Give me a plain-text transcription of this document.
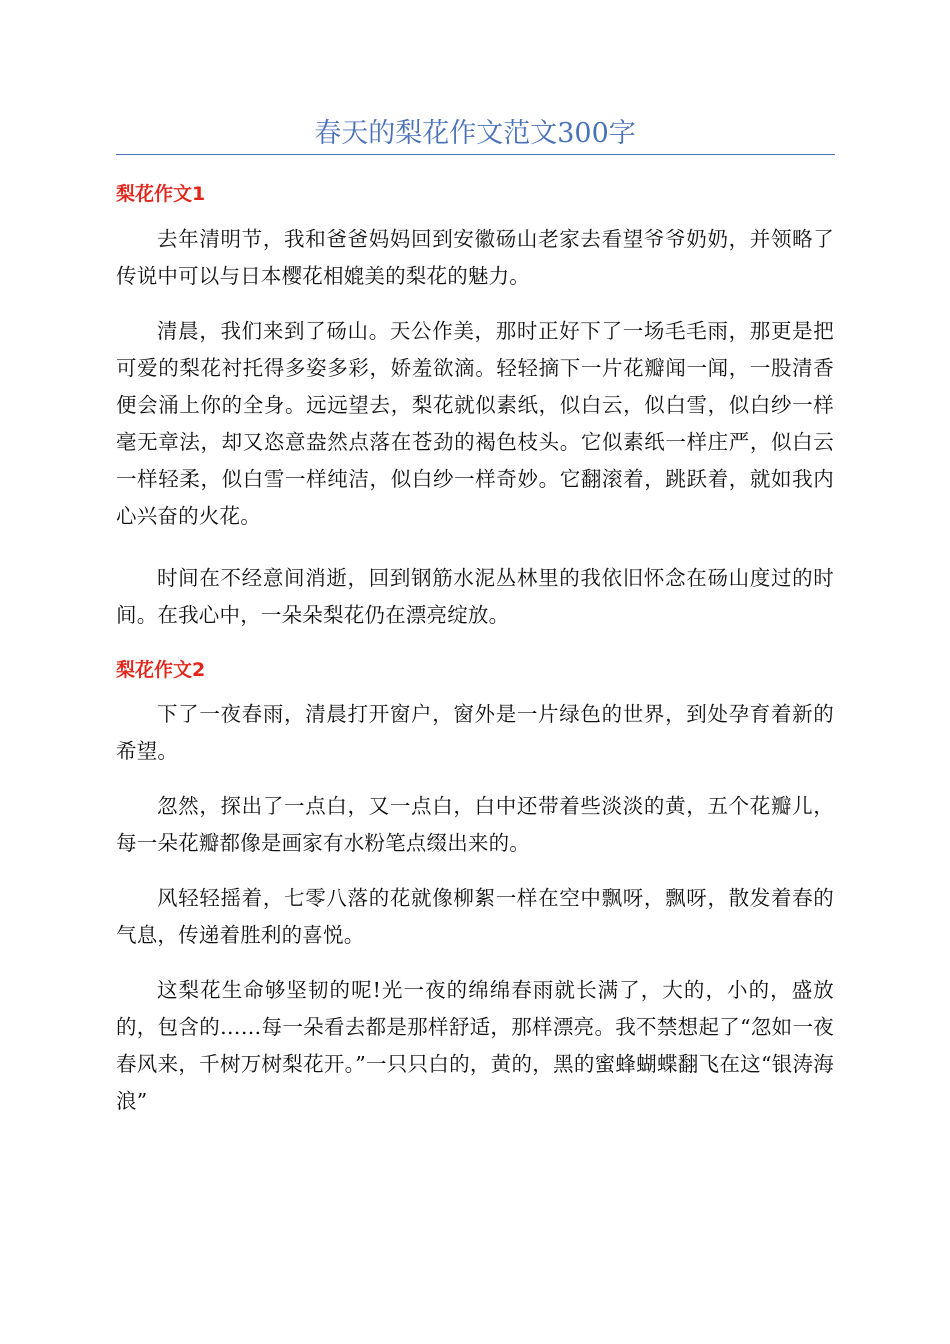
春天的梨花作文范文300字
梨花作文1

去年清明节，我和爸爸妈妈回到安徽砀山老家去看望爷爷奶奶，并领略了传说中可以与日本樱花相媲美的梨花的魅力。

清晨，我们来到了砀山。天公作美，那时正好下了一场毛毛雨，那更是把可爱的梨花衬托得多姿多彩，娇羞欲滴。轻轻摘下一片花瓣闻一闻，一股清香便会涌上你的全身。远远望去，梨花就似素纸，似白云，似白雪，似白纱一样毫无章法，却又恣意盎然点落在苍劲的褐色枝头。它似素纸一样庄严，似白云一样轻柔，似白雪一样纯洁，似白纱一样奇妙。它翻滚着，跳跃着，就如我内心兴奋的火花。

时间在不经意间消逝，回到钢筋水泥丛林里的我依旧怀念在砀山度过的时间。在我心中，一朵朵梨花仍在漂亮绽放。

梨花作文2

下了一夜春雨，清晨打开窗户，窗外是一片绿色的世界，到处孕育着新的希望。

忽然，探出了一点白，又一点白，白中还带着些淡淡的黄，五个花瓣儿，每一朵花瓣都像是画家有水粉笔点缀出来的。

风轻轻摇着，七零八落的花就像柳絮一样在空中飘呀，飘呀，散发着春的气息，传递着胜利的喜悦。

这梨花生命够坚韧的呢!光一夜的绵绵春雨就长满了，大的，小的，盛放的，包含的……每一朵看去都是那样舒适，那样漂亮。我不禁想起了“忽如一夜春风来，千树万树梨花开。”一只只白的，黄的，黑的蜜蜂蝴蝶翻飞在这“银涛海浪”
